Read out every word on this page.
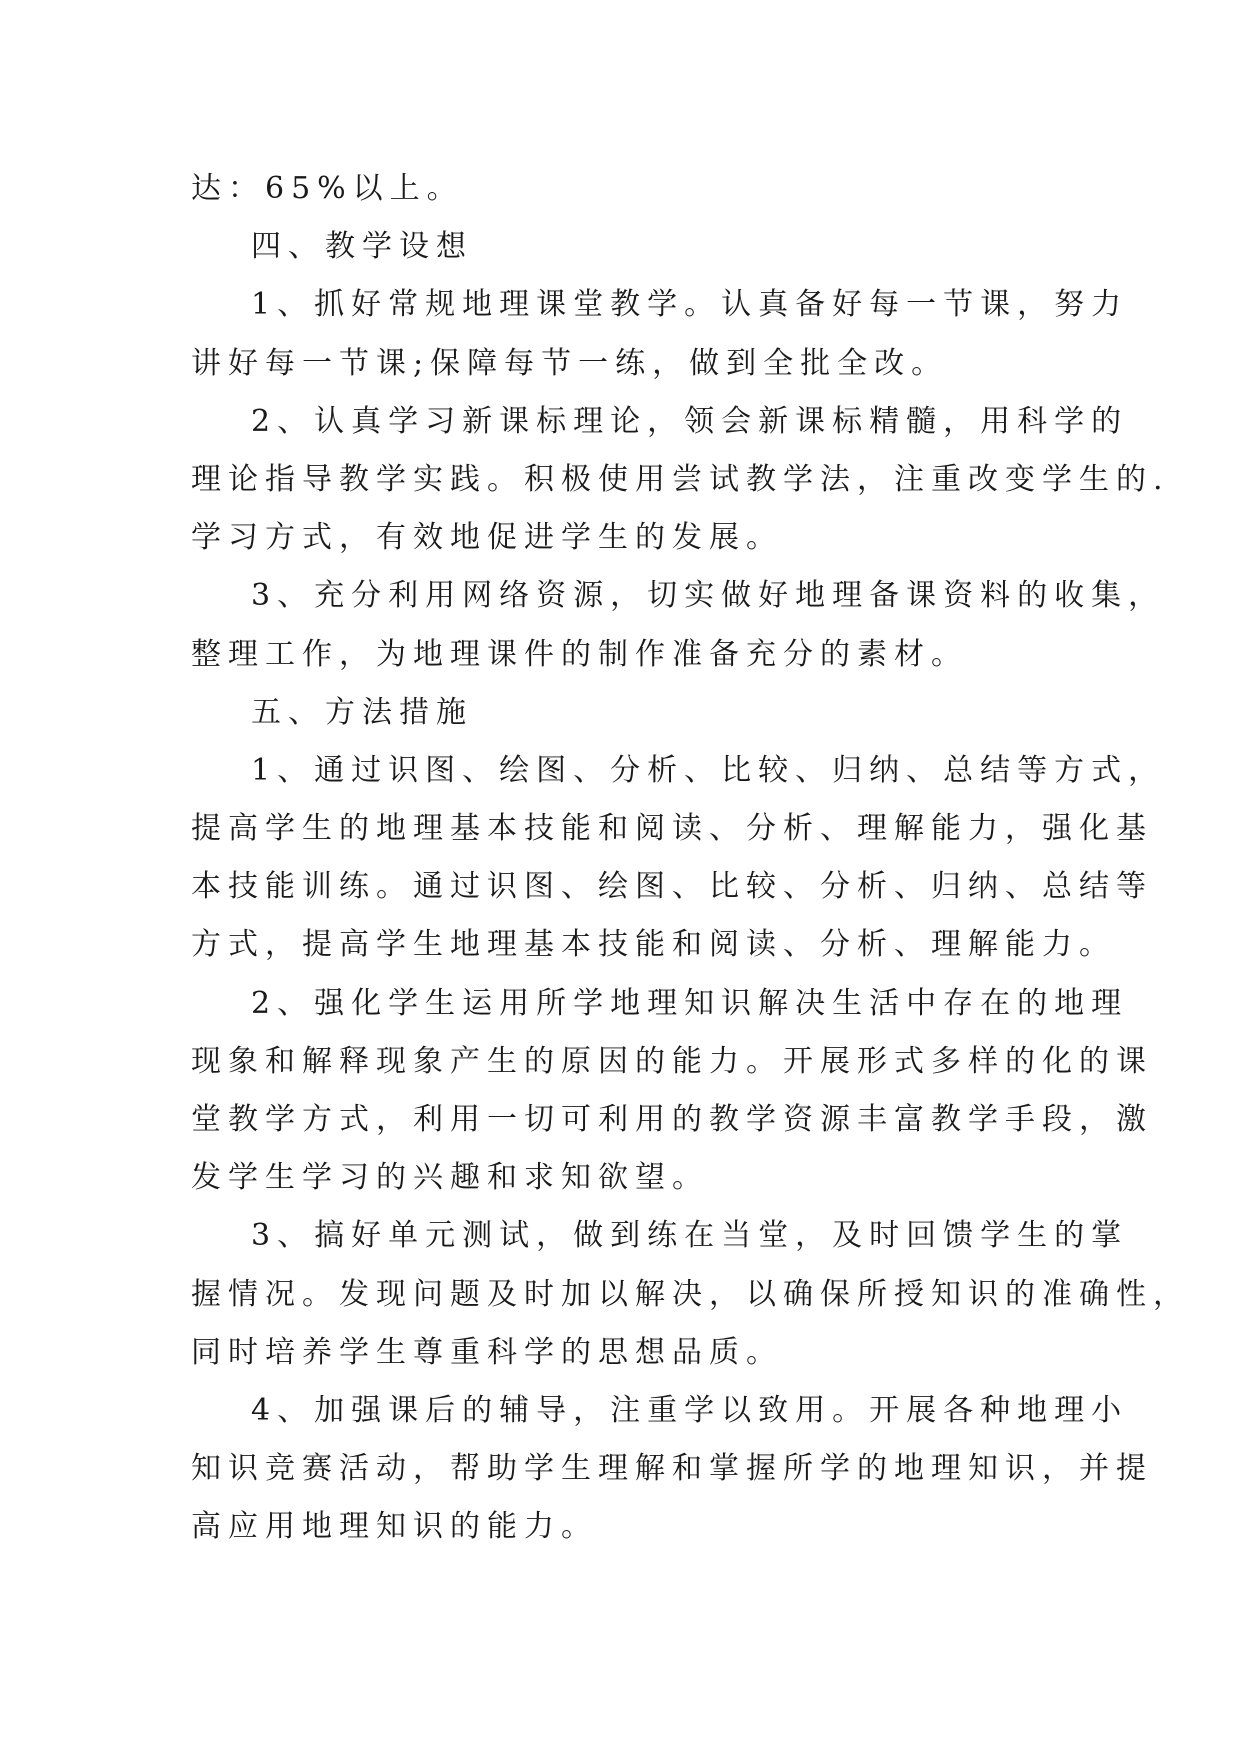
达：65%以上。
四、教学设想
1、抓好常规地理课堂教学。认真备好每一节课，努力
讲好每一节课;保障每节一练，做到全批全改。
2、认真学习新课标理论，领会新课标精髓，用科学的
理论指导教学实践。积极使用尝试教学法，注重改变学生的.
学习方式，有效地促进学生的发展。
3、充分利用网络资源，切实做好地理备课资料的收集，
整理工作，为地理课件的制作准备充分的素材。
五、方法措施
1、通过识图、绘图、分析、比较、归纳、总结等方式，
提高学生的地理基本技能和阅读、分析、理解能力，强化基
本技能训练。通过识图、绘图、比较、分析、归纳、总结等
方式，提高学生地理基本技能和阅读、分析、理解能力。
2、强化学生运用所学地理知识解决生活中存在的地理
现象和解释现象产生的原因的能力。开展形式多样的化的课
堂教学方式，利用一切可利用的教学资源丰富教学手段，激
发学生学习的兴趣和求知欲望。
3、搞好单元测试，做到练在当堂，及时回馈学生的掌
握情况。发现问题及时加以解决，以确保所授知识的准确性，
同时培养学生尊重科学的思想品质。
4、加强课后的辅导，注重学以致用。开展各种地理小
知识竞赛活动，帮助学生理解和掌握所学的地理知识，并提
高应用地理知识的能力。
